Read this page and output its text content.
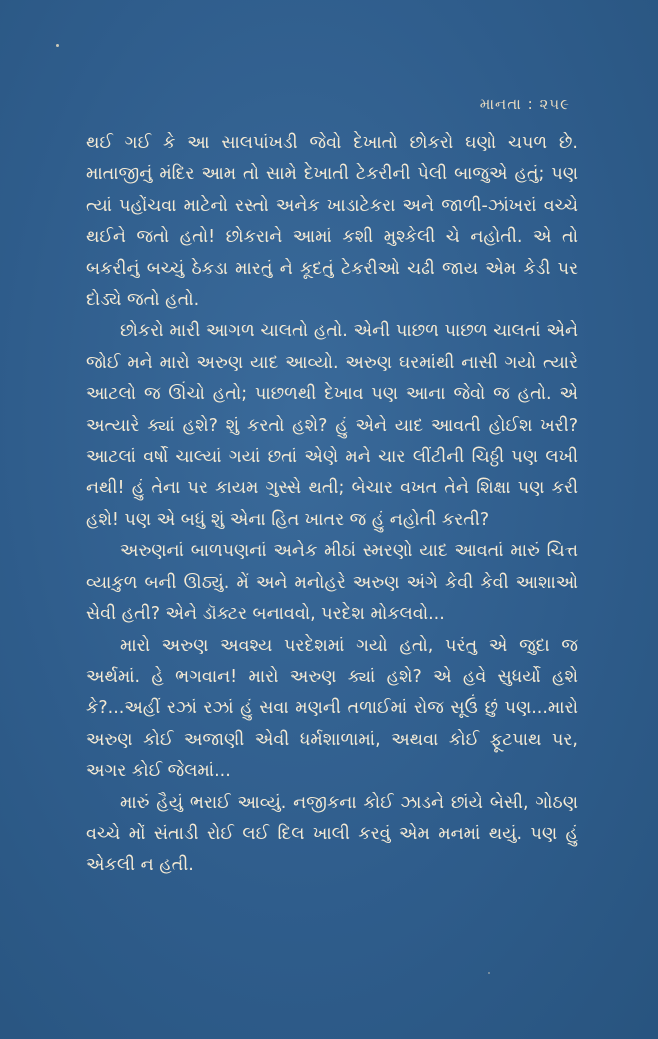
માનતા : ૨૫૯

થઈ ગઈ કે આ સાલપાંખડી જેવો દેખાતો છોકરો ઘણો ચપળ છે. માતાજીનું મંદિર આમ તો સામે દેખાતી ટેકરીની પેલી બાજુએ હતું; પણ ત્યાં પહોંચવા માટેનો રસ્તો અનેક ખાડાટેકરા અને જાળી-ઝાંખરાં વચ્ચે થઈને જતો હતો! છોકરાને આમાં કશી મુશ્કેલી ચે નહોતી. એ તો બકરીનું બચ્ચું ઠેકડા મારતું ને કૂદતું ટેકરીઓ ચઢી જાય એમ કેડી પર દોડ્યે જતો હતો.

છોકરો મારી આગળ ચાલતો હતો. એની પાછળ પાછળ ચાલતાં એને જોઈ મને મારો અરુણ યાદ આવ્યો. અરુણ ઘરમાંથી નાસી ગયો ત્યારે આટલો જ ઊંચો હતો; પાછળથી દેખાવ પણ આના જેવો જ હતો. એ અત્યારે ક્યાં હશે? શું કરતો હશે? હું એને યાદ આવતી હોઈશ ખરી? આટલાં વર્ષો ચાલ્યાં ગયાં છતાં એણે મને ચાર લીંટીની ચિઠ્ઠી પણ લખી નથી! હું તેના પર કાયમ ગુસ્સે થતી; બેચાર વખત તેને શિક્ષા પણ કરી હશે! પણ એ બધું શું એના હિત ખાતર જ હું નહોતી કરતી?

અરુણનાં બાળપણનાં અનેક મીઠાં સ્મરણો યાદ આવતાં મારું ચિત્ત વ્યાકુળ બની ઊઠ્યું. મેં અને મનોહરે અરુણ અંગે કેવી કેવી આશાઓ સેવી હતી? એને ડૉક્ટર બનાવવો, પરદેશ મોકલવો...

મારો અરુણ અવશ્ય પરદેશમાં ગયો હતો, પરંતુ એ જુદા જ અર્થમાં. હે ભગવાન! મારો અરુણ ક્યાં હશે? એ હવે સુધર્યો હશે કે?...અહીં રઝાં રઝાં હું સવા મણની તળાઈમાં રોજ સૂઉં છું પણ...મારો અરુણ કોઈ અજાણી એવી ધર્મશાળામાં, અથવા કોઈ ફૂટપાથ પર, અગર કોઈ જેલમાં...

મારું હૈયું ભરાઈ આવ્યું. નજીકના કોઈ ઝાડને છાંયે બેસી, ગોઠણ વચ્ચે મોં સંતાડી રોઈ લઈ દિલ ખાલી કરવું એમ મનમાં થયું. પણ હું એકલી ન હતી.
